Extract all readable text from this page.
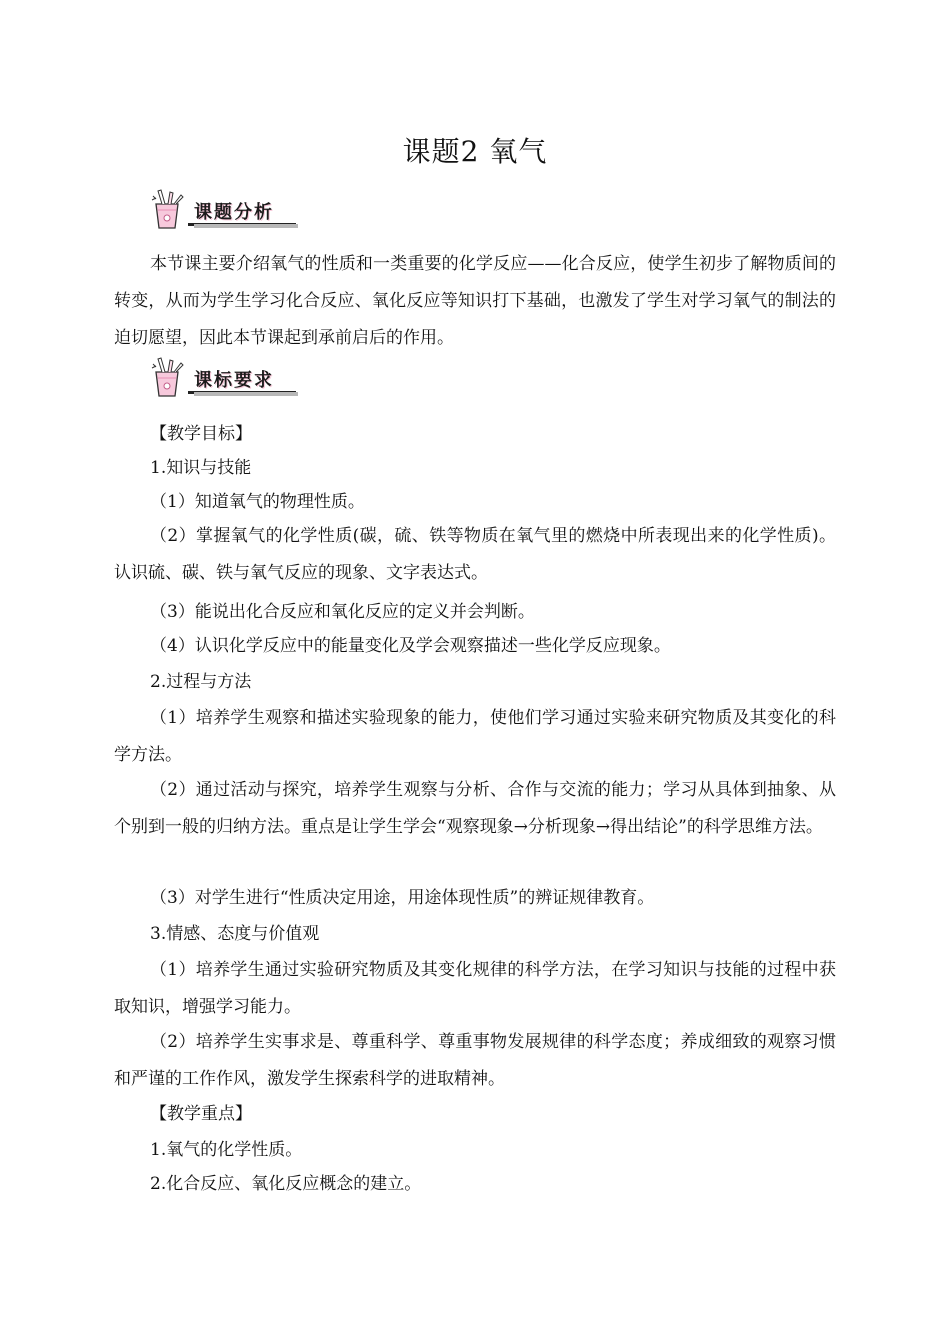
课题2 氧气
课题分析
本节课主要介绍氧气的性质和一类重要的化学反应——化合反应，使学生初步了解物质间的转变，从而为学生学习化合反应、氧化反应等知识打下基础，也激发了学生对学习氧气的制法的迫切愿望，因此本节课起到承前启后的作用。
课标要求
【教学目标】
1.知识与技能
（1）知道氧气的物理性质。
（2）掌握氧气的化学性质(碳，硫、铁等物质在氧气里的燃烧中所表现出来的化学性质)。认识硫、碳、铁与氧气反应的现象、文字表达式。
（3）能说出化合反应和氧化反应的定义并会判断。
（4）认识化学反应中的能量变化及学会观察描述一些化学反应现象。
2.过程与方法
（1）培养学生观察和描述实验现象的能力，使他们学习通过实验来研究物质及其变化的科学方法。
（2）通过活动与探究，培养学生观察与分析、合作与交流的能力；学习从具体到抽象、从个别到一般的归纳方法。重点是让学生学会“观察现象→分析现象→得出结论”的科学思维方法。
（3）对学生进行“性质决定用途，用途体现性质”的辨证规律教育。
3.情感、态度与价值观
（1）培养学生通过实验研究物质及其变化规律的科学方法，在学习知识与技能的过程中获取知识，增强学习能力。
（2）培养学生实事求是、尊重科学、尊重事物发展规律的科学态度；养成细致的观察习惯和严谨的工作作风，激发学生探索科学的进取精神。
【教学重点】
1.氧气的化学性质。
2.化合反应、氧化反应概念的建立。
